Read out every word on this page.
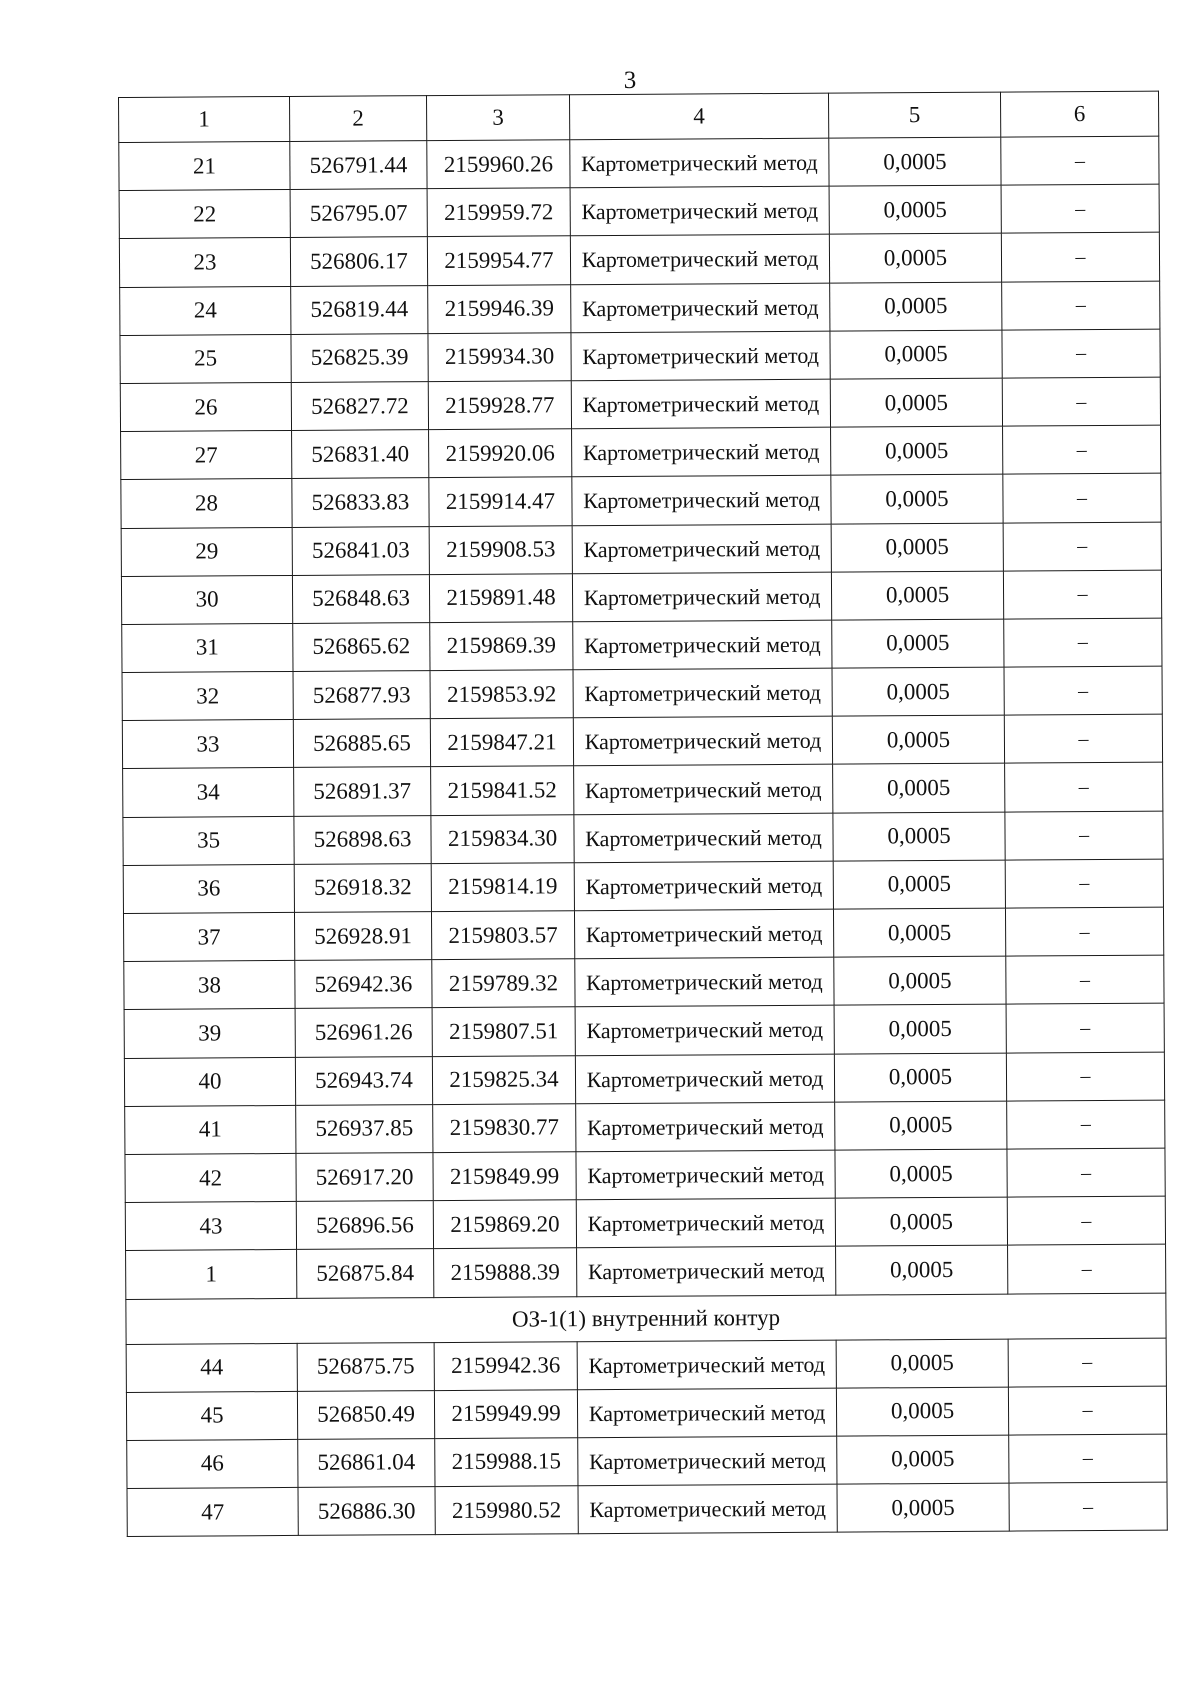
3
1	2	3	4	5	6
21	526791.44	2159960.26	Картометрический метод	0,0005	–
22	526795.07	2159959.72	Картометрический метод	0,0005	–
23	526806.17	2159954.77	Картометрический метод	0,0005	–
24	526819.44	2159946.39	Картометрический метод	0,0005	–
25	526825.39	2159934.30	Картометрический метод	0,0005	–
26	526827.72	2159928.77	Картометрический метод	0,0005	–
27	526831.40	2159920.06	Картометрический метод	0,0005	–
28	526833.83	2159914.47	Картометрический метод	0,0005	–
29	526841.03	2159908.53	Картометрический метод	0,0005	–
30	526848.63	2159891.48	Картометрический метод	0,0005	–
31	526865.62	2159869.39	Картометрический метод	0,0005	–
32	526877.93	2159853.92	Картометрический метод	0,0005	–
33	526885.65	2159847.21	Картометрический метод	0,0005	–
34	526891.37	2159841.52	Картометрический метод	0,0005	–
35	526898.63	2159834.30	Картометрический метод	0,0005	–
36	526918.32	2159814.19	Картометрический метод	0,0005	–
37	526928.91	2159803.57	Картометрический метод	0,0005	–
38	526942.36	2159789.32	Картометрический метод	0,0005	–
39	526961.26	2159807.51	Картометрический метод	0,0005	–
40	526943.74	2159825.34	Картометрический метод	0,0005	–
41	526937.85	2159830.77	Картометрический метод	0,0005	–
42	526917.20	2159849.99	Картометрический метод	0,0005	–
43	526896.56	2159869.20	Картометрический метод	0,0005	–
1	526875.84	2159888.39	Картометрический метод	0,0005	–
ОЗ-1(1) внутренний контур					
44	526875.75	2159942.36	Картометрический метод	0,0005	–
45	526850.49	2159949.99	Картометрический метод	0,0005	–
46	526861.04	2159988.15	Картометрический метод	0,0005	–
47	526886.30	2159980.52	Картометрический метод	0,0005	–
